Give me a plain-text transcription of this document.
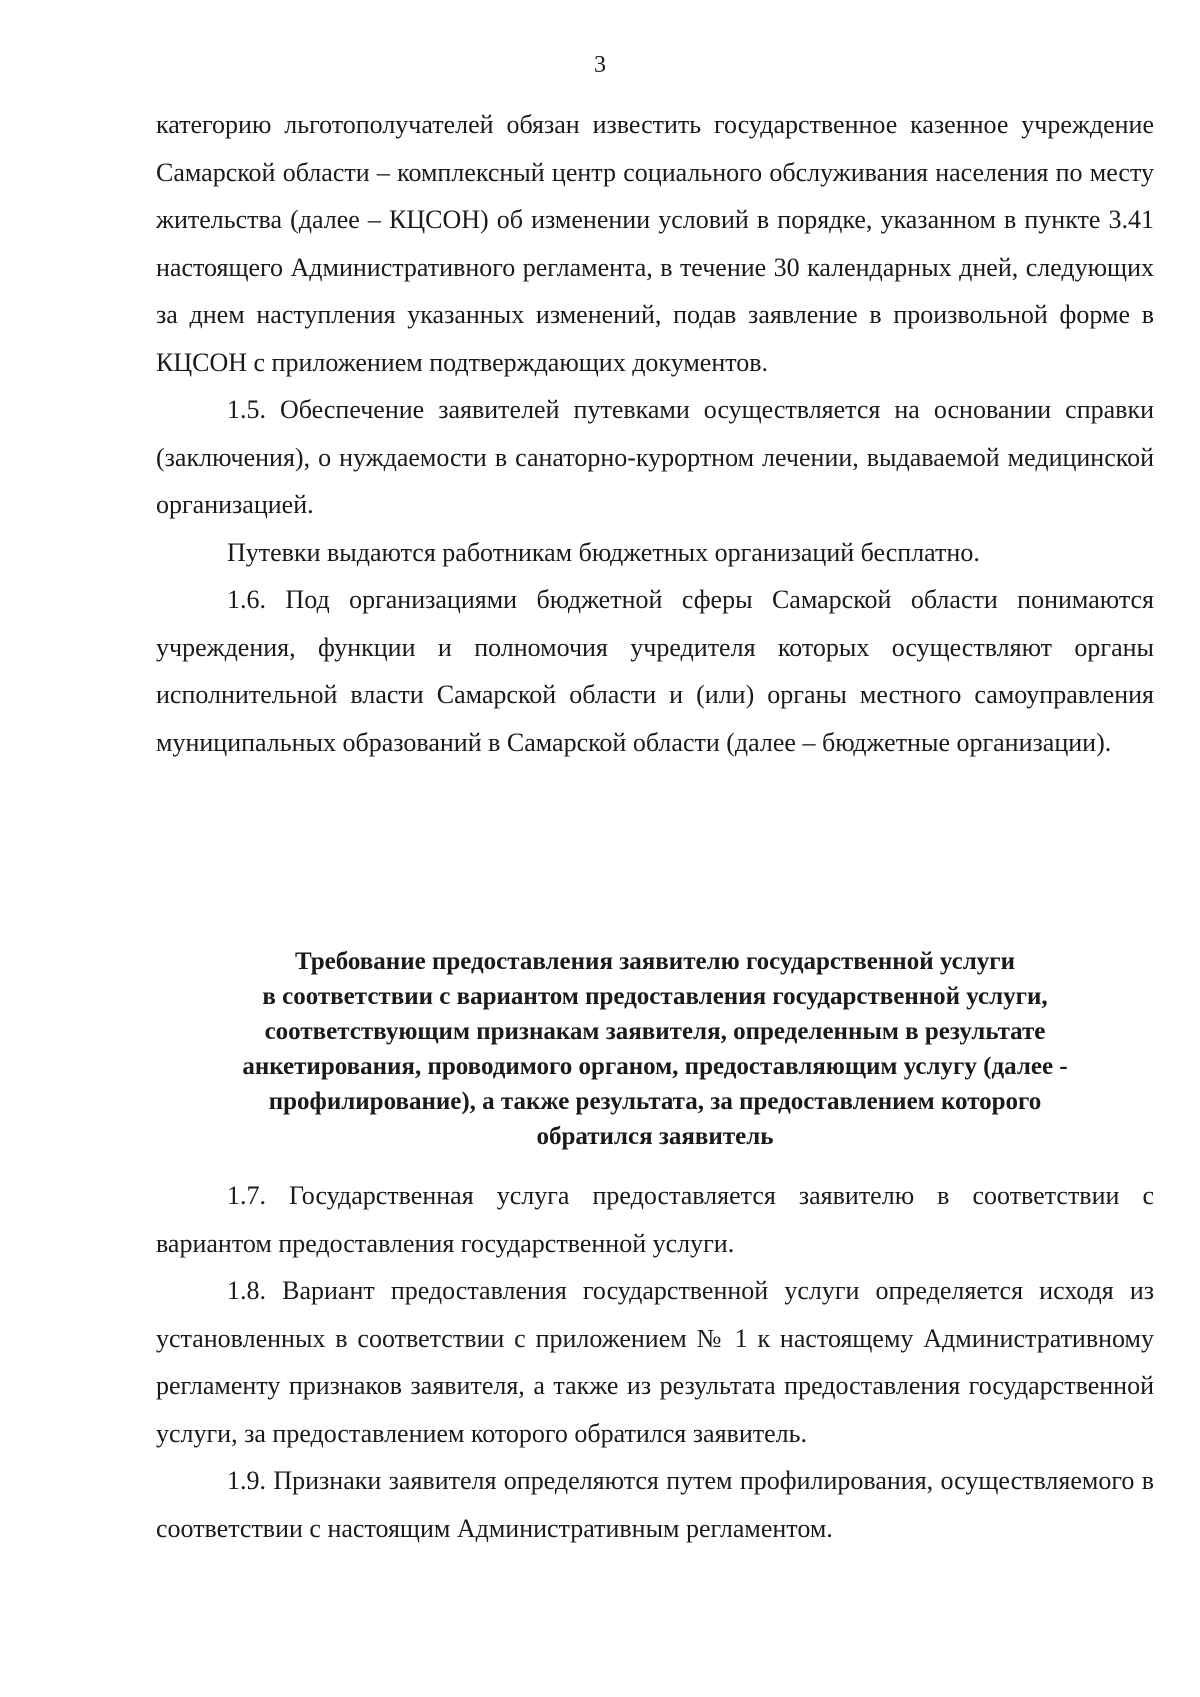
3

категорию льготополучателей обязан известить государственное казенное учреждение Самарской области – комплексный центр социального обслуживания населения по месту жительства (далее – КЦСОН) об изменении условий в порядке, указанном в пункте 3.41 настоящего Административного регламента, в течение 30 календарных дней, следующих за днем наступления указанных изменений, подав заявление в произвольной форме в КЦСОН с приложением подтверждающих документов.

1.5. Обеспечение заявителей путевками осуществляется на основании справки (заключения), о нуждаемости в санаторно-курортном лечении, выдаваемой медицинской организацией.

Путевки выдаются работникам бюджетных организаций бесплатно.

1.6. Под организациями бюджетной сферы Самарской области понимаются учреждения, функции и полномочия учредителя которых осуществляют органы исполнительной власти Самарской области и (или) органы местного самоуправления муниципальных образований в Самарской области (далее – бюджетные организации).

Требование предоставления заявителю государственной услуги
в соответствии с вариантом предоставления государственной услуги,
соответствующим признакам заявителя, определенным в результате
анкетирования, проводимого органом, предоставляющим услугу (далее -
профилирование), а также результата, за предоставлением которого
обратился заявитель

1.7. Государственная услуга предоставляется заявителю в соответствии с вариантом предоставления государственной услуги.

1.8. Вариант предоставления государственной услуги определяется исходя из установленных в соответствии с приложением № 1 к настоящему Административному регламенту признаков заявителя, а также из результата предоставления государственной услуги, за предоставлением которого обратился заявитель.

1.9. Признаки заявителя определяются путем профилирования, осуществляемого в соответствии с настоящим Административным регламентом.
